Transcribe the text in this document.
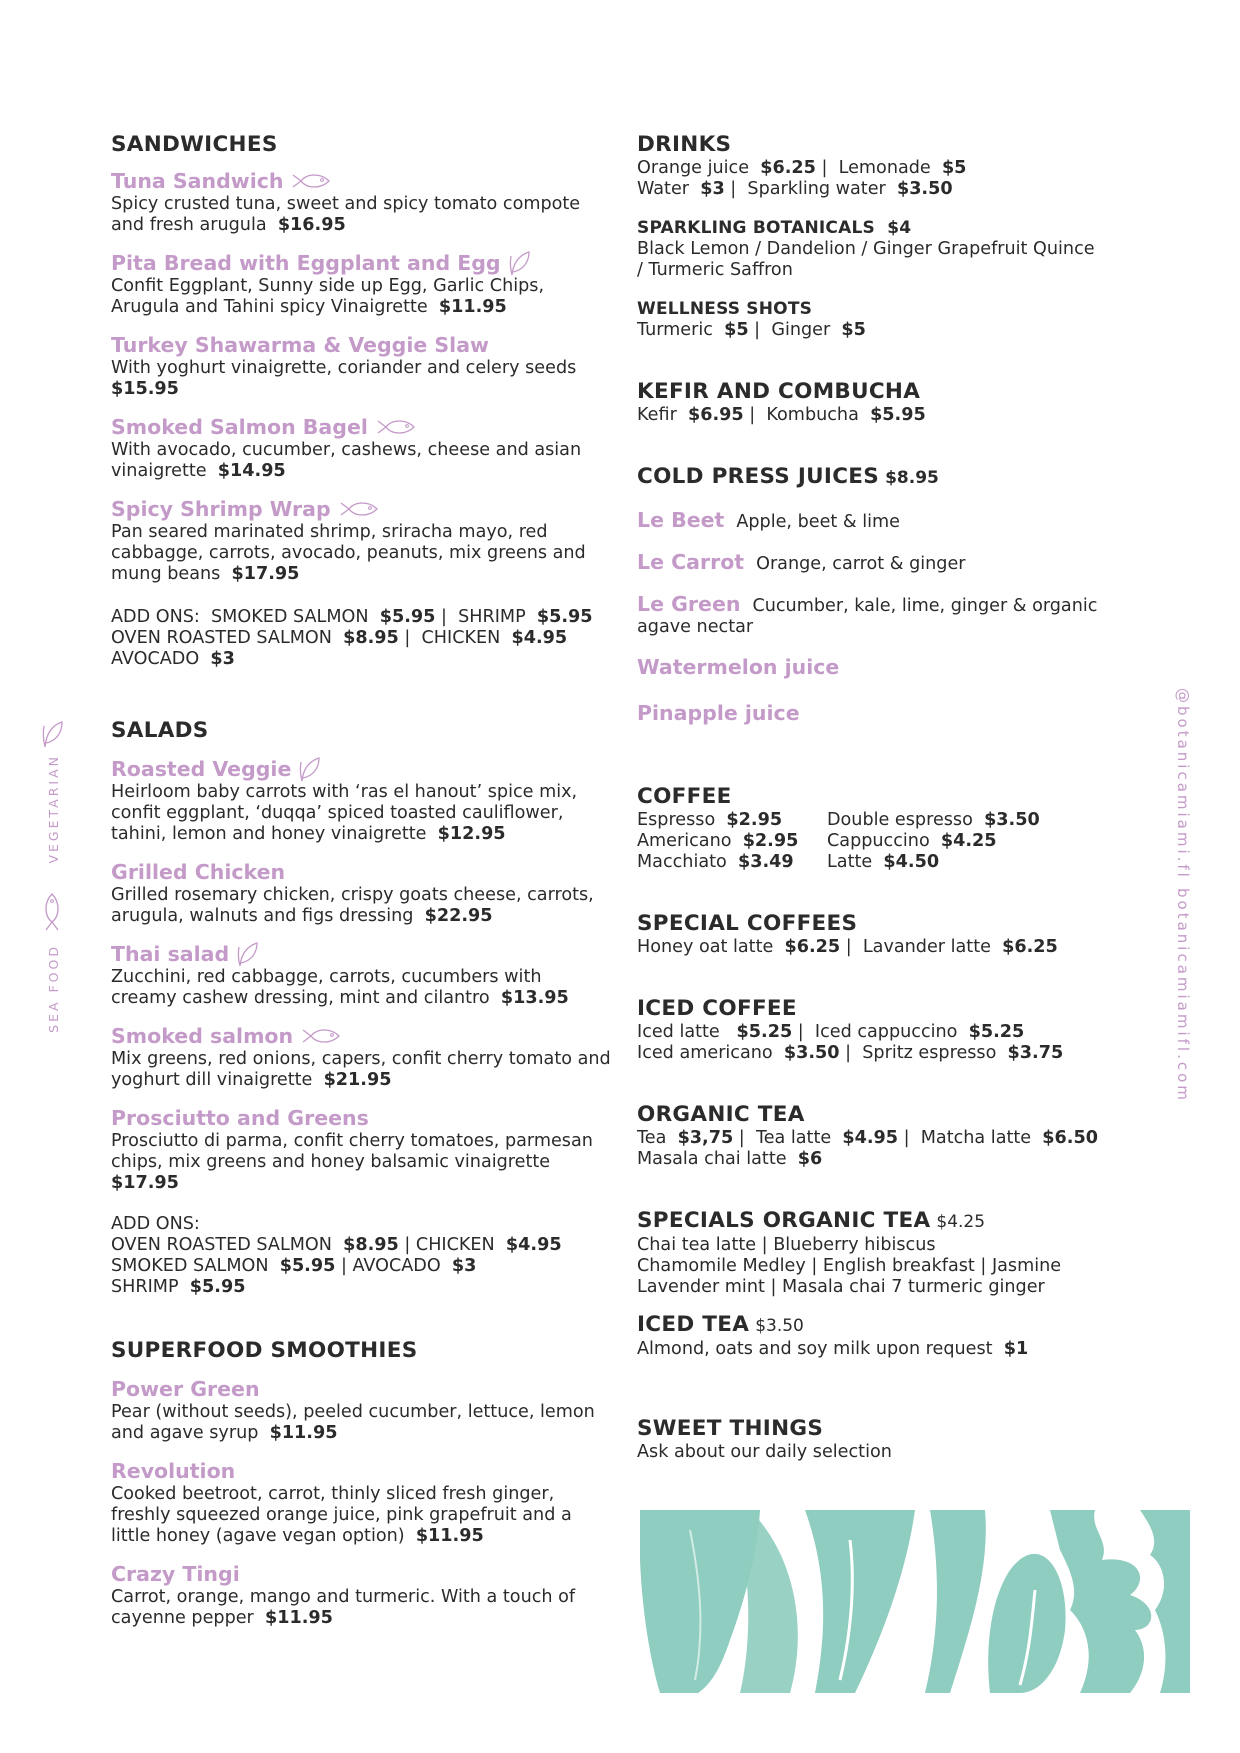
SANDWICHES
Tuna Sandwich
Spicy crusted tuna, sweet and spicy tomato compote and fresh arugula $16.95
Pita Bread with Eggplant and Egg
Confit Eggplant, Sunny side up Egg, Garlic Chips, Arugula and Tahini spicy Vinaigrette $11.95
Turkey Shawarma & Veggie Slaw
With yoghurt vinaigrette, coriander and celery seeds  $15.95
Smoked Salmon Bagel
With avocado, cucumber, cashews, cheese and asian vinaigrette $14.95
Spicy Shrimp Wrap
Pan seared marinated shrimp, sriracha mayo, red cabbagge, carrots, avocado, peanuts, mix greens and mung beans $17.95
ADD ONS: SMOKED SALMON $5.95 |  SHRIMP $5.95
OVEN ROASTED SALMON $8.95 |  CHICKEN $4.95
AVOCADO $3
SALADS
Roasted Veggie
Heirloom baby carrots with ‘ras el hanout’ spice mix, confit eggplant, ‘duqqa’ spiced toasted cauliflower, tahini, lemon and honey vinaigrette $12.95
Grilled Chicken
Grilled rosemary chicken, crispy goats cheese, carrots, arugula, walnuts and figs dressing $22.95
Thai salad
Zucchini, red cabbagge, carrots, cucumbers with creamy cashew dressing, mint and cilantro $13.95
Smoked salmon
Mix greens, red onions, capers, confit cherry tomato and yoghurt dill vinaigrette $21.95
Prosciutto and Greens
Prosciutto di parma, confit cherry tomatoes, parmesan chips, mix greens and honey balsamic vinaigrette  $17.95
ADD ONS:
OVEN ROASTED SALMON $8.95 | CHICKEN $4.95
SMOKED SALMON $5.95 | AVOCADO $3
SHRIMP $5.95
SUPERFOOD SMOOTHIES
Power Green
Pear (without seeds), peeled cucumber, lettuce, lemon and agave syrup $11.95
Revolution
Cooked beetroot, carrot, thinly sliced fresh ginger, freshly squeezed orange juice, pink grapefruit and a little honey (agave vegan option) $11.95
Crazy Tingi
Carrot, orange, mango and turmeric. With a touch of cayenne pepper $11.95
DRINKS
Orange juice $6.25 |  Lemonade $5
Water $3 |  Sparkling water $3.50
SPARKLING BOTANICALS $4
Black Lemon / Dandelion / Ginger Grapefruit Quince
/ Turmeric Saffron
WELLNESS SHOTS
Turmeric $5 |  Ginger $5
KEFIR AND COMBUCHA
Kefir $6.95 |  Kombucha $5.95
COLD PRESS JUICES $8.95
Le Beet Apple, beet & lime
Le Carrot Orange, carrot & ginger
Le Green Cucumber, kale, lime, ginger & organic
agave nectar
Watermelon juice
Pinapple juice
COFFEE
Espresso $2.95	Double espresso $3.50
Americano $2.95	Cappuccino $4.25
Macchiato $3.49	Latte $4.50
SPECIAL COFFEES
Honey oat latte $6.25 |  Lavander latte $6.25
ICED COFFEE
Iced latte $5.25 |  Iced cappuccino $5.25
Iced americano $3.50 |  Spritz espresso $3.75
ORGANIC TEA
Tea $3,75 |  Tea latte $4.95 |  Matcha latte $6.50
Masala chai latte $6
SPECIALS ORGANIC TEA $4.25
Chai tea latte | Blueberry hibiscus
Chamomile Medley | English breakfast | Jasmine
Lavender mint | Masala chai 7 turmeric ginger
ICED TEA $3.50
Almond, oats and soy milk upon request $1
SWEET THINGS
Ask about our daily selection
VEGETARIAN
SEA FOOD
@botanicamiami.fl
botanicamiamifl.com
